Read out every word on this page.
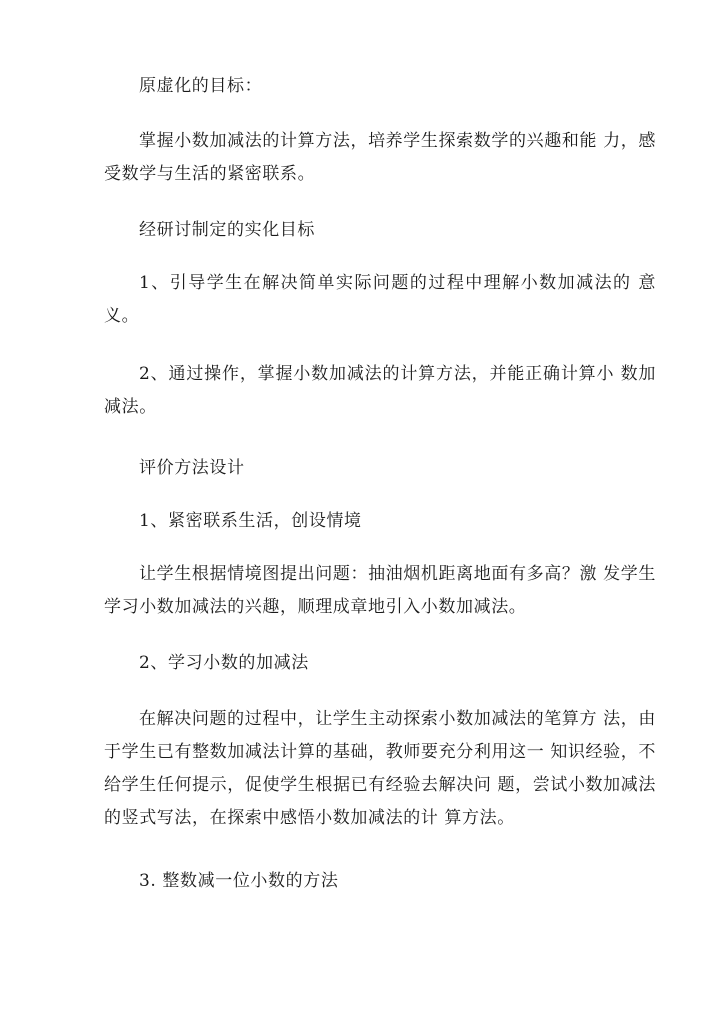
原虚化的目标：

掌握小数加减法的计算方法，培养学生探索数学的兴趣和能 力，感受数学与生活的紧密联系。

经研讨制定的实化目标

1、引导学生在解决简单实际问题的过程中理解小数加减法的 意义。

2、通过操作，掌握小数加减法的计算方法，并能正确计算小 数加减法。

评价方法设计

1、紧密联系生活，创设情境

让学生根据情境图提出问题：抽油烟机距离地面有多高？激 发学生学习小数加减法的兴趣，顺理成章地引入小数加减法。

2、学习小数的加减法

在解决问题的过程中，让学生主动探索小数加减法的笔算方 法，由于学生已有整数加减法计算的基础，教师要充分利用这一 知识经验，不给学生任何提示，促使学生根据已有经验去解决问 题，尝试小数加减法的竖式写法，在探索中感悟小数加减法的计 算方法。

3. 整数减一位小数的方法
